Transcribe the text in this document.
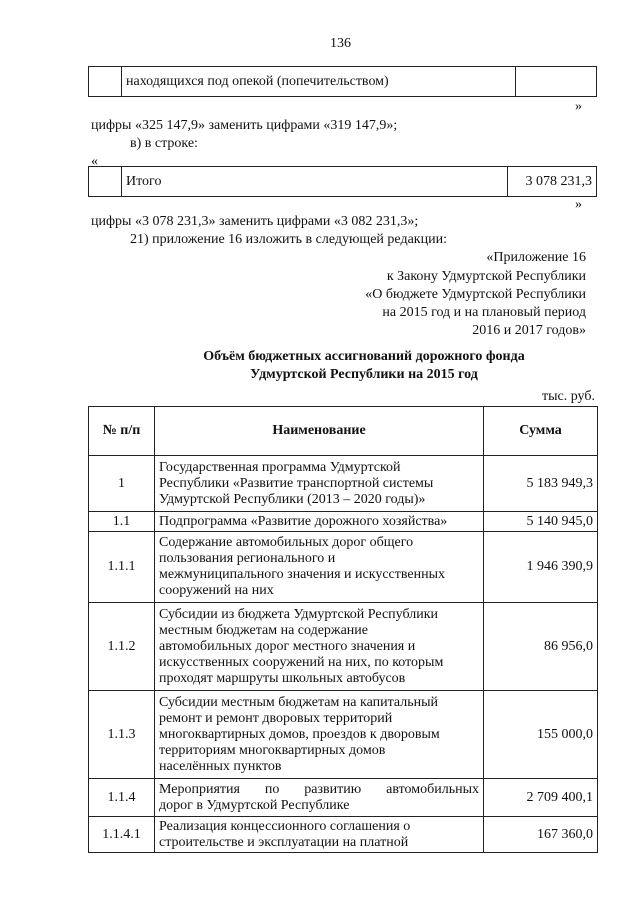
136
	находящихся под опекой (попечительством)	
»
цифры «325 147,9» заменить цифрами «319 147,9»;
в) в строке:
«
	Итого	3 078 231,3
»
цифры «3 078 231,3» заменить цифрами «3 082 231,3»;
21) приложение 16 изложить в следующей редакции:
«Приложение 16
к Закону Удмуртской Республики
«О бюджете Удмуртской Республики
на 2015 год и на плановый период
2016 и 2017 годов»
Объём бюджетных ассигнований дорожного фонда
Удмуртской Республики на 2015 год
тыс. руб.
№ п/п	Наименование	Сумма
1	Государственная программа Удмуртской
Республики «Развитие транспортной системы
Удмуртской Республики (2013 – 2020 годы)»	5 183 949,3
1.1	Подпрограмма «Развитие дорожного хозяйства»	5 140 945,0
1.1.1	Содержание автомобильных дорог общего
пользования регионального и
межмуниципального значения и искусственных
сооружений на них	1 946 390,9
1.1.2	Субсидии из бюджета Удмуртской Республики
местным бюджетам на содержание
автомобильных дорог местного значения и
искусственных сооружений на них, по которым
проходят маршруты школьных автобусов	86 956,0
1.1.3	Субсидии местным бюджетам на капитальный
ремонт и ремонт дворовых территорий
многоквартирных домов, проездов к дворовым
территориям многоквартирных домов
населённых пунктов	155 000,0
1.1.4	Мероприятия по развитию автомобильных
дорог в Удмуртской Республике	2 709 400,1
1.1.4.1	Реализация концессионного соглашения о
строительстве и эксплуатации на платной	167 360,0
